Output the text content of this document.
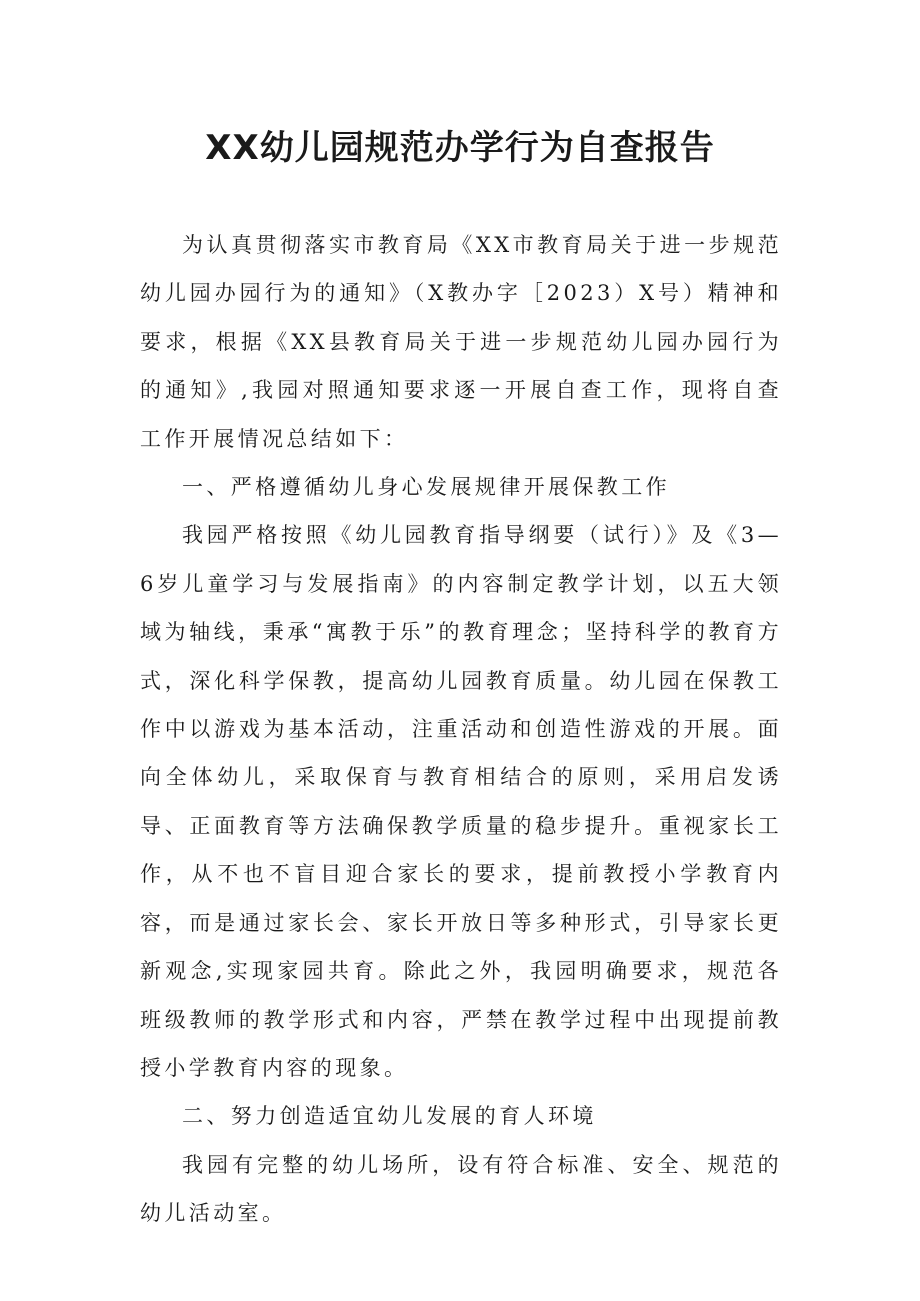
XX幼儿园规范办学行为自查报告

为认真贯彻落实市教育局《XX市教育局关于进一步规范幼儿园办园行为的通知》（X教办字［2023）X号）精神和要求，根据《XX县教育局关于进一步规范幼儿园办园行为的通知》,我园对照通知要求逐一开展自查工作，现将自查工作开展情况总结如下：

一、严格遵循幼儿身心发展规律开展保教工作

我园严格按照《幼儿园教育指导纲要（试行）》及《3—6岁儿童学习与发展指南》的内容制定教学计划，以五大领域为轴线，秉承“寓教于乐”的教育理念；坚持科学的教育方式，深化科学保教，提高幼儿园教育质量。幼儿园在保教工作中以游戏为基本活动，注重活动和创造性游戏的开展。面向全体幼儿，采取保育与教育相结合的原则，采用启发诱导、正面教育等方法确保教学质量的稳步提升。重视家长工作，从不也不盲目迎合家长的要求，提前教授小学教育内容，而是通过家长会、家长开放日等多种形式，引导家长更新观念,实现家园共育。除此之外，我园明确要求，规范各班级教师的教学形式和内容，严禁在教学过程中出现提前教授小学教育内容的现象。

二、努力创造适宜幼儿发展的育人环境

我园有完整的幼儿场所，设有符合标准、安全、规范的幼儿活动室。
